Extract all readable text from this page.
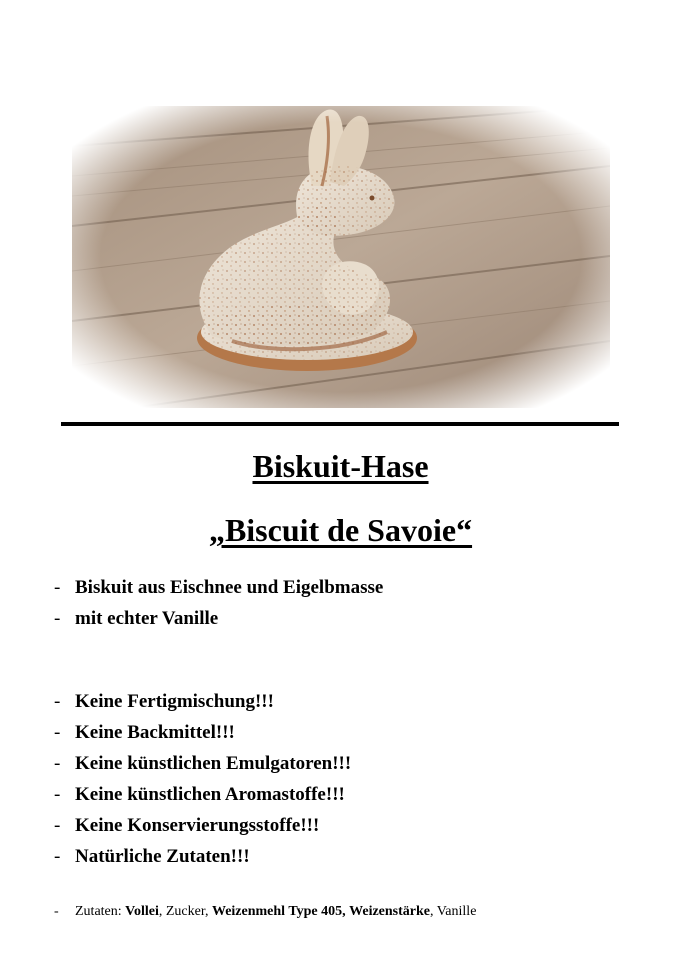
Biskuit-Hase
„Biscuit de Savoie“
- Biskuit aus Eischnee und Eigelbmasse
- mit echter Vanille
- Keine Fertigmischung!!!
- Keine Backmittel!!!
- Keine künstlichen Emulgatoren!!!
- Keine künstlichen Aromastoffe!!!
- Keine Konservierungsstoffe!!!
- Natürliche Zutaten!!!
- Zutaten: Vollei, Zucker, Weizenmehl Type 405, Weizenstärke, Vanille
